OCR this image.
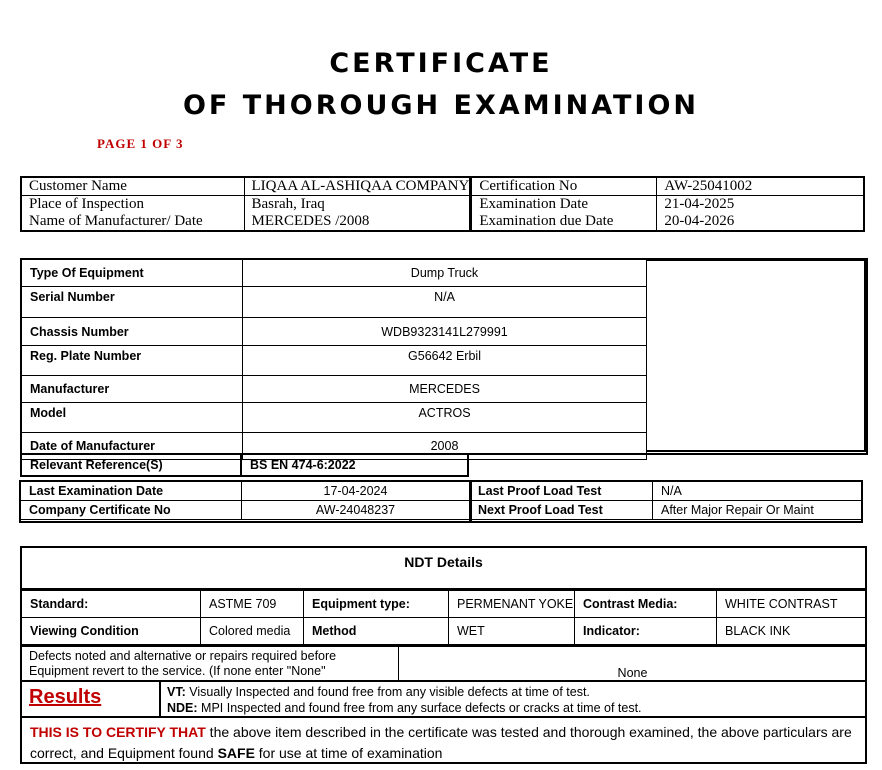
CERTIFICATE
OF THOROUGH EXAMINATION
PAGE 1 OF 3
Customer Name	LIQAA AL-ASHIQAA COMPANY	Certification No	AW-25041002
Place of Inspection	Basrah, Iraq	Examination Date	21-04-2025
Name of Manufacturer/ Date	MERCEDES /2008	Examination due Date	20-04-2026
Type Of Equipment	Dump Truck
Serial Number	N/A
Chassis Number	WDB9323141L279991
Reg. Plate Number	G56642 Erbil
Manufacturer	MERCEDES
Model	ACTROS
Date of Manufacturer	2008
Relevant Reference(S)	BS EN 474-6:2022
Last Examination Date	17-04-2024	Last Proof Load Test	N/A
Company Certificate No	AW-24048237	Next Proof Load Test	After Major Repair Or Maint
NDT Details
Standard:	ASTME 709	Equipment type:	PERMENANT YOKE	Contrast Media:	WHITE CONTRAST
Viewing Condition	Colored media	Method	WET	Indicator:	BLACK INK
Defects noted and alternative or repairs required before
Equipment revert to the service. (If none enter "None"	None
Results	VT: Visually Inspected and found free from any visible defects at time of test.
NDE: MPI Inspected and found free from any surface defects or cracks at time of test.
THIS IS TO CERTIFY THAT the above item described in the certificate was tested and thorough examined, the above particulars are correct, and Equipment found SAFE for use at time of examination
